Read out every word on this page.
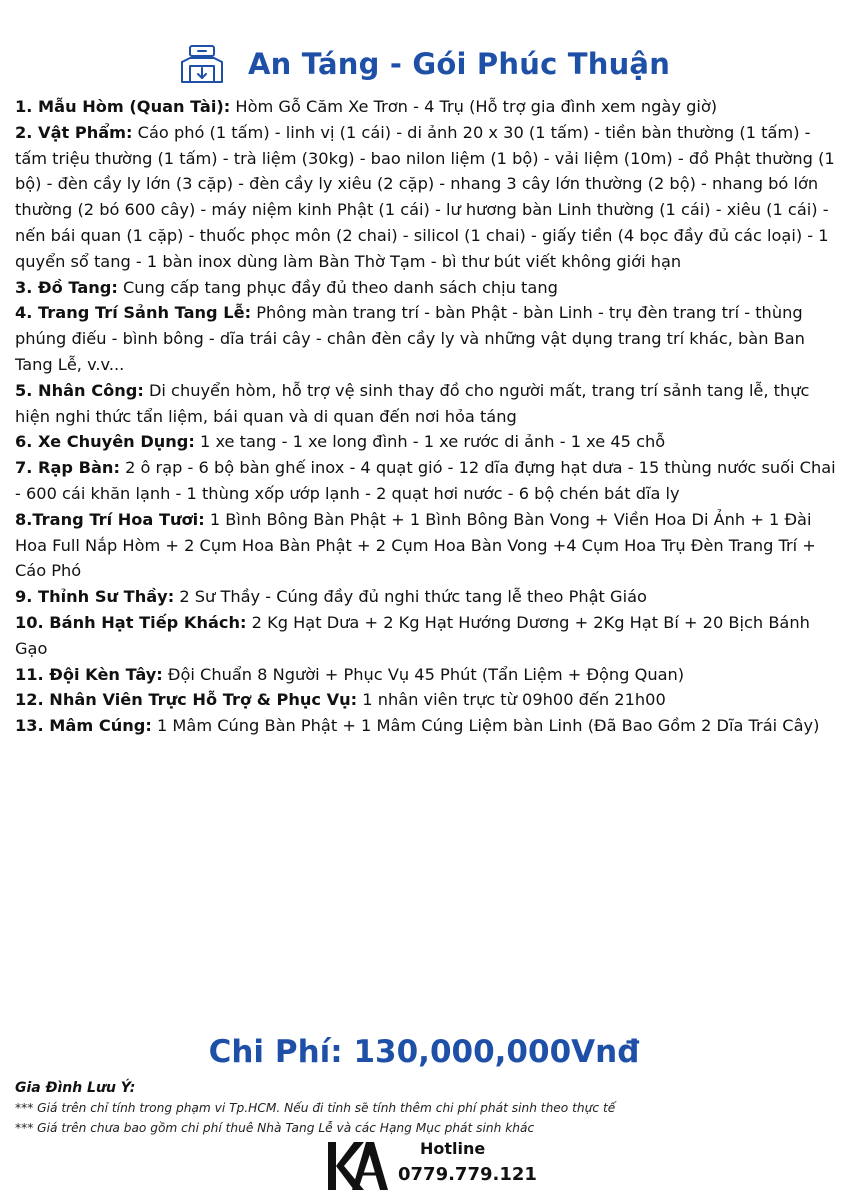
An Táng - Gói Phúc Thuận

1. Mẫu Hòm (Quan Tài): Hòm Gỗ Căm Xe Trơn - 4 Trụ (Hỗ trợ gia đình xem ngày giờ)

2. Vật Phẩm: Cáo phó (1 tấm) - linh vị (1 cái) - di ảnh 20 x 30 (1 tấm) - tiền bàn thường (1 tấm) - tấm triệu thường (1 tấm) - trà liệm (30kg) - bao nilon liệm (1 bộ) - vải liệm (10m) - đồ Phật thường (1 bộ) - đèn cầy ly lớn (3 cặp) - đèn cầy ly xiêu (2 cặp) - nhang 3 cây lớn thường (2 bộ) - nhang bó lớn thường (2 bó 600 cây) - máy niệm kinh Phật (1 cái) - lư hương bàn Linh thường (1 cái) - xiêu (1 cái) - nến bái quan (1 cặp) - thuốc phọc môn (2 chai) - silicol (1 chai) - giấy tiền (4 bọc đầy đủ các loại) - 1 quyển sổ tang - 1 bàn inox dùng làm Bàn Thờ Tạm - bì thư bút viết không giới hạn

3. Đồ Tang: Cung cấp tang phục đầy đủ theo danh sách chịu tang

4. Trang Trí Sảnh Tang Lễ: Phông màn trang trí - bàn Phật - bàn Linh - trụ đèn trang trí - thùng phúng điếu - bình bông - dĩa trái cây - chân đèn cầy ly và những vật dụng trang trí khác, bàn Ban Tang Lễ, v.v...

5. Nhân Công: Di chuyển hòm, hỗ trợ vệ sinh thay đồ cho người mất, trang trí sảnh tang lễ, thực hiện nghi thức tẩn liệm, bái quan và di quan đến nơi hỏa táng

6. Xe Chuyên Dụng: 1 xe tang - 1 xe long đình - 1 xe rước di ảnh - 1 xe 45 chỗ

7. Rạp Bàn: 2 ô rạp - 6 bộ bàn ghế inox - 4 quạt gió - 12 dĩa đựng hạt dưa - 15 thùng nước suối Chai - 600 cái khăn lạnh - 1 thùng xốp ướp lạnh - 2 quạt hơi nước - 6 bộ chén bát dĩa ly

8.Trang Trí Hoa Tươi: 1 Bình Bông Bàn Phật + 1 Bình Bông Bàn Vong + Viền Hoa Di Ảnh + 1 Đài Hoa Full Nắp Hòm + 2 Cụm Hoa Bàn Phật + 2 Cụm Hoa Bàn Vong +4 Cụm Hoa Trụ Đèn Trang Trí + Cáo Phó

9. Thỉnh Sư Thầy: 2 Sư Thầy - Cúng đầy đủ nghi thức tang lễ theo Phật Giáo

10. Bánh Hạt Tiếp Khách: 2 Kg Hạt Dưa + 2 Kg Hạt Hướng Dương + 2Kg Hạt Bí + 20 Bịch Bánh Gạo

11. Đội Kèn Tây: Đội Chuẩn 8 Người + Phục Vụ 45 Phút (Tẩn Liệm + Động Quan)

12. Nhân Viên Trực Hỗ Trợ & Phục Vụ: 1 nhân viên trực từ 09h00 đến 21h00

13. Mâm Cúng: 1 Mâm Cúng Bàn Phật + 1 Mâm Cúng Liệm bàn Linh (Đã Bao Gồm 2 Dĩa Trái Cây)

Chi Phí: 130,000,000Vnđ
Gia Đình Lưu Ý:
*** Giá trên chỉ tính trong phạm vi Tp.HCM. Nếu đi tỉnh sẽ tính thêm chi phí phát sinh theo thực tế
*** Giá trên chưa bao gồm chi phí thuê Nhà Tang Lễ và các Hạng Mục phát sinh khác
Hotline
0779.779.121
